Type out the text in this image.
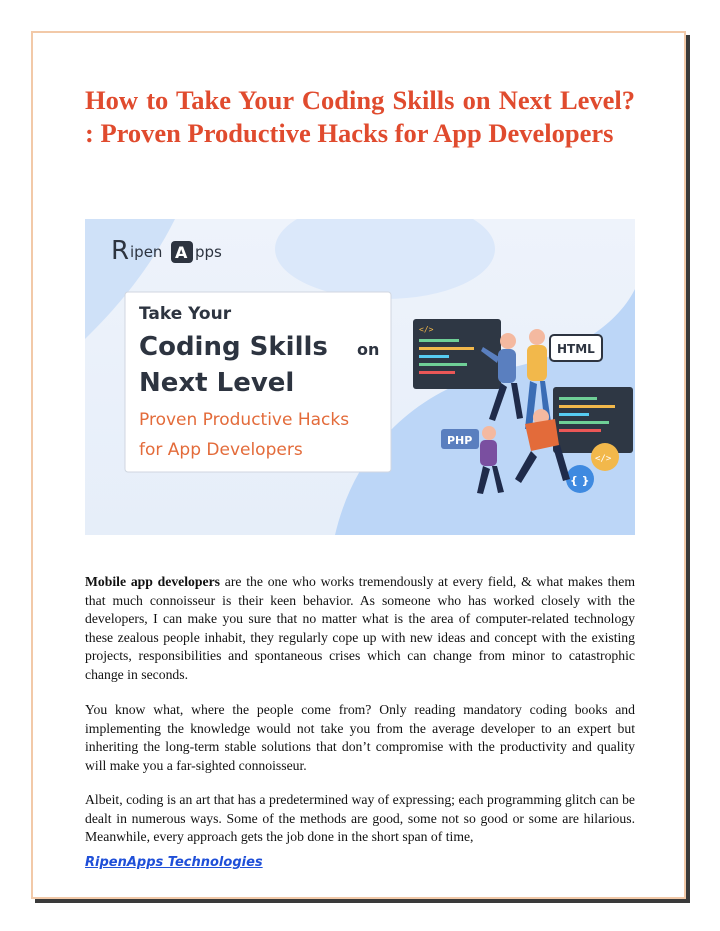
How to Take Your Coding Skills on Next Level? : Proven Productive Hacks for App Developers
R ipen A pps
Take Your
Coding Skills on
Next Level
Proven Productive Hacks
for App Developers
</>
HTML
PHP
</>
{ }

Mobile app developers are the one who works tremendously at every field, & what makes them that much connoisseur is their keen behavior. As someone who has worked closely with the developers, I can make you sure that no matter what is the area of computer-related technology these zealous people inhabit, they regularly cope up with new ideas and concept with the existing projects, responsibilities and spontaneous crises which can change from minor to catastrophic change in seconds.

You know what, where the people come from? Only reading mandatory coding books and implementing the knowledge would not take you from the average developer to an expert but inheriting the long-term stable solutions that don’t compromise with the productivity and quality will make you a far-sighted connoisseur.

Albeit, coding is an art that has a predetermined way of expressing; each programming glitch can be dealt in numerous ways. Some of the methods are good, some not so good or some are hilarious. Meanwhile, every approach gets the job done in the short span of time,

RipenApps Technologies
